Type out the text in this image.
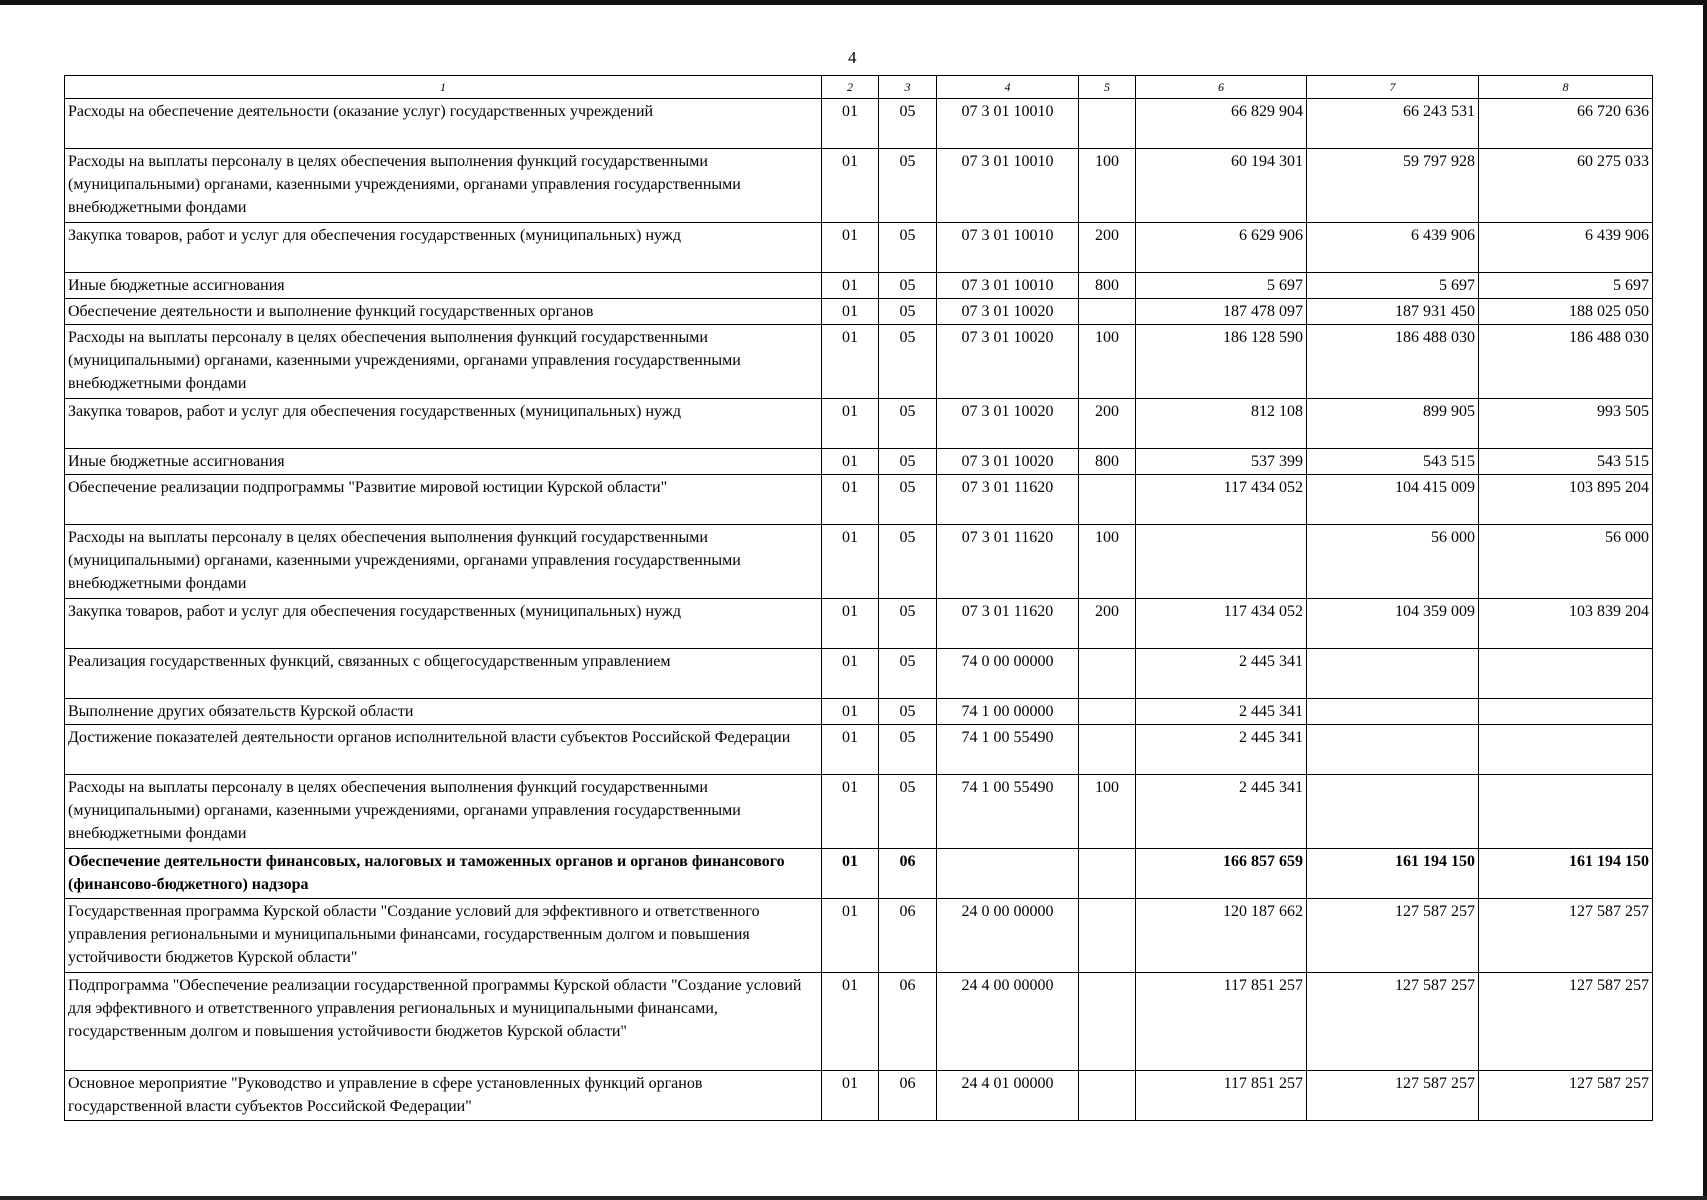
4
1	2	3	4	5	6	7	8
Расходы на обеспечение деятельности (оказание услуг) государственных учреждений	01	05	07 3 01 10010		66 829 904	66 243 531	66 720 636
Расходы на выплаты персоналу в целях обеспечения выполнения функций государственными (муниципальными) органами, казенными учреждениями, органами управления государственными внебюджетными фондами	01	05	07 3 01 10010	100	60 194 301	59 797 928	60 275 033
Закупка товаров, работ и услуг для обеспечения государственных (муниципальных) нужд	01	05	07 3 01 10010	200	6 629 906	6 439 906	6 439 906
Иные бюджетные ассигнования	01	05	07 3 01 10010	800	5 697	5 697	5 697
Обеспечение деятельности и выполнение функций государственных органов	01	05	07 3 01 10020		187 478 097	187 931 450	188 025 050
Расходы на выплаты персоналу в целях обеспечения выполнения функций государственными (муниципальными) органами, казенными учреждениями, органами управления государственными внебюджетными фондами	01	05	07 3 01 10020	100	186 128 590	186 488 030	186 488 030
Закупка товаров, работ и услуг для обеспечения государственных (муниципальных) нужд	01	05	07 3 01 10020	200	812 108	899 905	993 505
Иные бюджетные ассигнования	01	05	07 3 01 10020	800	537 399	543 515	543 515
Обеспечение реализации подпрограммы "Развитие мировой юстиции Курской области"	01	05	07 3 01 11620		117 434 052	104 415 009	103 895 204
Расходы на выплаты персоналу в целях обеспечения выполнения функций государственными (муниципальными) органами, казенными учреждениями, органами управления государственными внебюджетными фондами	01	05	07 3 01 11620	100		56 000	56 000
Закупка товаров, работ и услуг для обеспечения государственных (муниципальных) нужд	01	05	07 3 01 11620	200	117 434 052	104 359 009	103 839 204
Реализация государственных функций, связанных с общегосударственным управлением	01	05	74 0 00 00000		2 445 341		
Выполнение других обязательств Курской области	01	05	74 1 00 00000		2 445 341		
Достижение показателей деятельности органов исполнительной власти субъектов Российской Федерации	01	05	74 1 00 55490		2 445 341		
Расходы на выплаты персоналу в целях обеспечения выполнения функций государственными (муниципальными) органами, казенными учреждениями, органами управления государственными внебюджетными фондами	01	05	74 1 00 55490	100	2 445 341		
Обеспечение деятельности финансовых, налоговых и таможенных органов и органов финансового (финансово-бюджетного) надзора	01	06			166 857 659	161 194 150	161 194 150
Государственная программа Курской области "Создание условий для эффективного и ответственного управления региональными и муниципальными финансами, государственным долгом и повышения устойчивости бюджетов Курской области"	01	06	24 0 00 00000		120 187 662	127 587 257	127 587 257
Подпрограмма "Обеспечение реализации государственной программы Курской области "Создание условий для эффективного и ответственного управления региональных и муниципальными финансами, государственным долгом и повышения устойчивости бюджетов Курской области"	01	06	24 4 00 00000		117 851 257	127 587 257	127 587 257
Основное мероприятие "Руководство и управление в сфере установленных функций органов государственной власти субъектов Российской Федерации"	01	06	24 4 01 00000		117 851 257	127 587 257	127 587 257
